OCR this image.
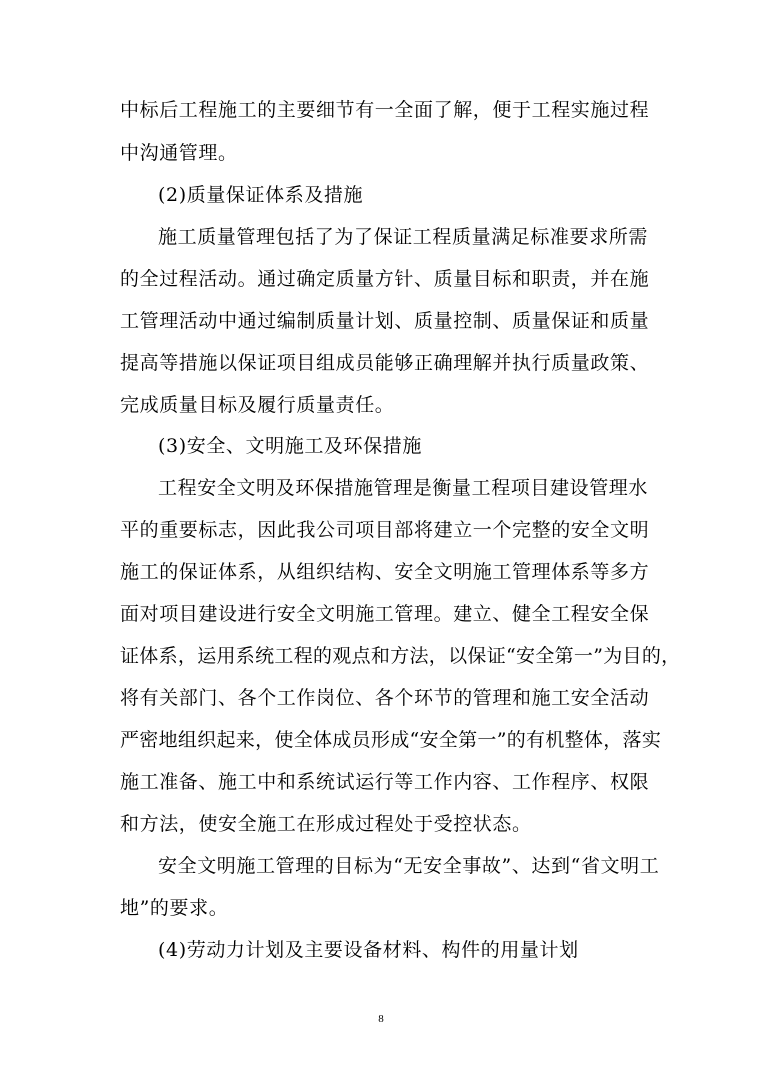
中标后工程施工的主要细节有一全面了解，便于工程实施过程
中沟通管理。
(2)质量保证体系及措施
施工质量管理包括了为了保证工程质量满足标准要求所需
的全过程活动。通过确定质量方针、质量目标和职责，并在施
工管理活动中通过编制质量计划、质量控制、质量保证和质量
提高等措施以保证项目组成员能够正确理解并执行质量政策、
完成质量目标及履行质量责任。
(3)安全、文明施工及环保措施
工程安全文明及环保措施管理是衡量工程项目建设管理水
平的重要标志，因此我公司项目部将建立一个完整的安全文明
施工的保证体系，从组织结构、安全文明施工管理体系等多方
面对项目建设进行安全文明施工管理。建立、健全工程安全保
证体系，运用系统工程的观点和方法，以保证“安全第一”为目的，
将有关部门、各个工作岗位、各个环节的管理和施工安全活动
严密地组织起来，使全体成员形成“安全第一”的有机整体，落实
施工准备、施工中和系统试运行等工作内容、工作程序、权限
和方法，使安全施工在形成过程处于受控状态。
安全文明施工管理的目标为“无安全事故”、达到“省文明工
地”的要求。
(4)劳动力计划及主要设备材料、构件的用量计划
8
